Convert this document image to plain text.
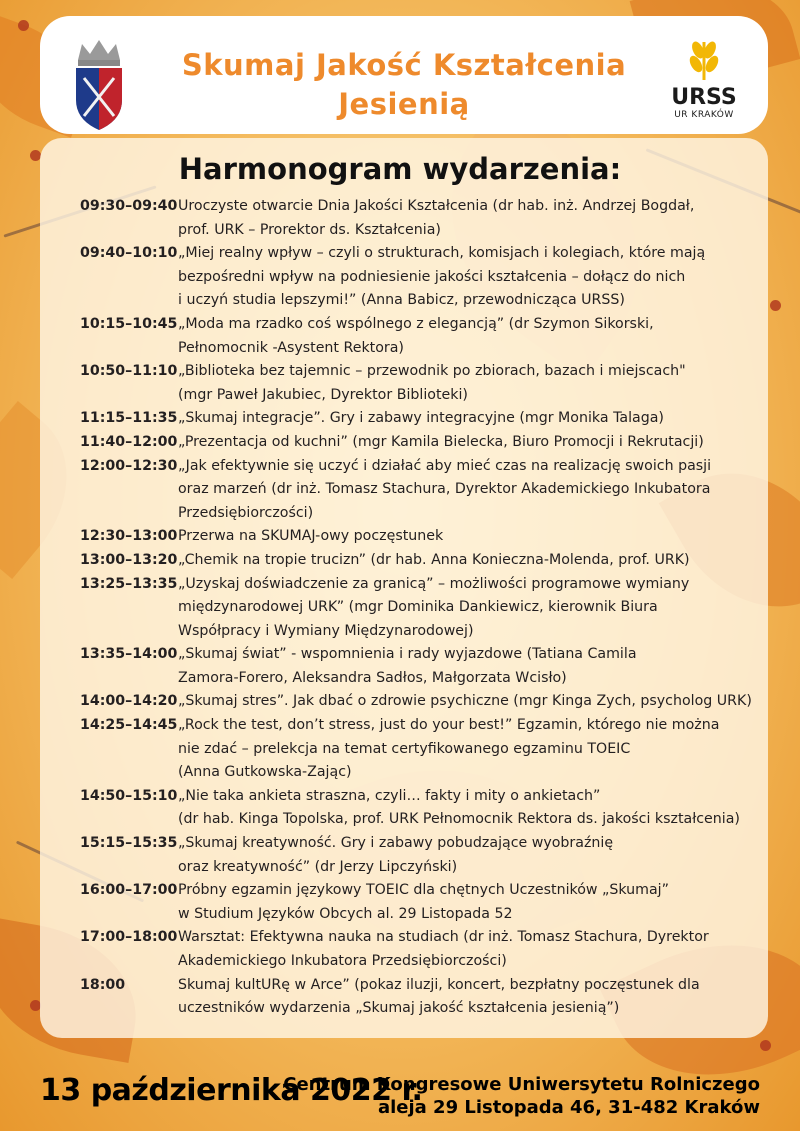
Skumaj Jakość Kształcenia
Jesienią	URSS
UR KRAKÓW
Harmonogram wydarzenia:
09:30–09:40 Uroczyste otwarcie Dnia Jakości Kształcenia (dr hab. inż. Andrzej Bogdał,
prof. URK – Prorektor ds. Kształcenia)
09:40–10:10 „Miej realny wpływ – czyli o strukturach, komisjach i kolegiach, które mają
bezpośredni wpływ na podniesienie jakości kształcenia – dołącz do nich
i uczyń studia lepszymi!” (Anna Babicz, przewodnicząca URSS)
10:15–10:45 „Moda ma rzadko coś wspólnego z elegancją” (dr Szymon Sikorski,
Pełnomocnik -Asystent Rektora)
10:50–11:10 „Biblioteka bez tajemnic – przewodnik po zbiorach, bazach i miejscach"
(mgr Paweł Jakubiec, Dyrektor Biblioteki)
11:15–11:35 „Skumaj integracje”. Gry i zabawy integracyjne (mgr Monika Talaga)
11:40–12:00 „Prezentacja od kuchni” (mgr Kamila Bielecka, Biuro Promocji i Rekrutacji)
12:00–12:30 „Jak efektywnie się uczyć i działać aby mieć czas na realizację swoich pasji
oraz marzeń (dr inż. Tomasz Stachura, Dyrektor Akademickiego Inkubatora
Przedsiębiorczości)
12:30–13:00 Przerwa na SKUMAJ-owy poczęstunek
13:00–13:20 „Chemik na tropie trucizn” (dr hab. Anna Konieczna-Molenda, prof. URK)
13:25–13:35 „Uzyskaj doświadczenie za granicą” – możliwości programowe wymiany
międzynarodowej URK” (mgr Dominika Dankiewicz, kierownik Biura
Współpracy i Wymiany Międzynarodowej)
13:35–14:00 „Skumaj świat” - wspomnienia i rady wyjazdowe (Tatiana Camila
Zamora-Forero, Aleksandra Sadłos, Małgorzata Wcisło)
14:00–14:20 „Skumaj stres”. Jak dbać o zdrowie psychiczne (mgr Kinga Zych, psycholog URK)
14:25–14:45 „Rock the test, don’t stress, just do your best!” Egzamin, którego nie można
nie zdać – prelekcja na temat certyfikowanego egzaminu TOEIC
(Anna Gutkowska-Zając)
14:50–15:10 „Nie taka ankieta straszna, czyli… fakty i mity o ankietach”
(dr hab. Kinga Topolska, prof. URK Pełnomocnik Rektora ds. jakości kształcenia)
15:15–15:35 „Skumaj kreatywność. Gry i zabawy pobudzające wyobraźnię
oraz kreatywność” (dr Jerzy Lipczyński)
16:00–17:00 Próbny egzamin językowy TOEIC dla chętnych Uczestników „Skumaj”
w Studium Języków Obcych al. 29 Listopada 52
17:00–18:00 Warsztat: Efektywna nauka na studiach (dr inż. Tomasz Stachura, Dyrektor
Akademickiego Inkubatora Przedsiębiorczości)
18:00	Skumaj kultURę w Arce” (pokaz iluzji, koncert, bezpłatny poczęstunek dla
uczestników wydarzenia „Skumaj jakość kształcenia jesienią”)
13 października 2022 r.
Centrum Kongresowe Uniwersytetu Rolniczego
aleja 29 Listopada 46, 31-482 Kraków
